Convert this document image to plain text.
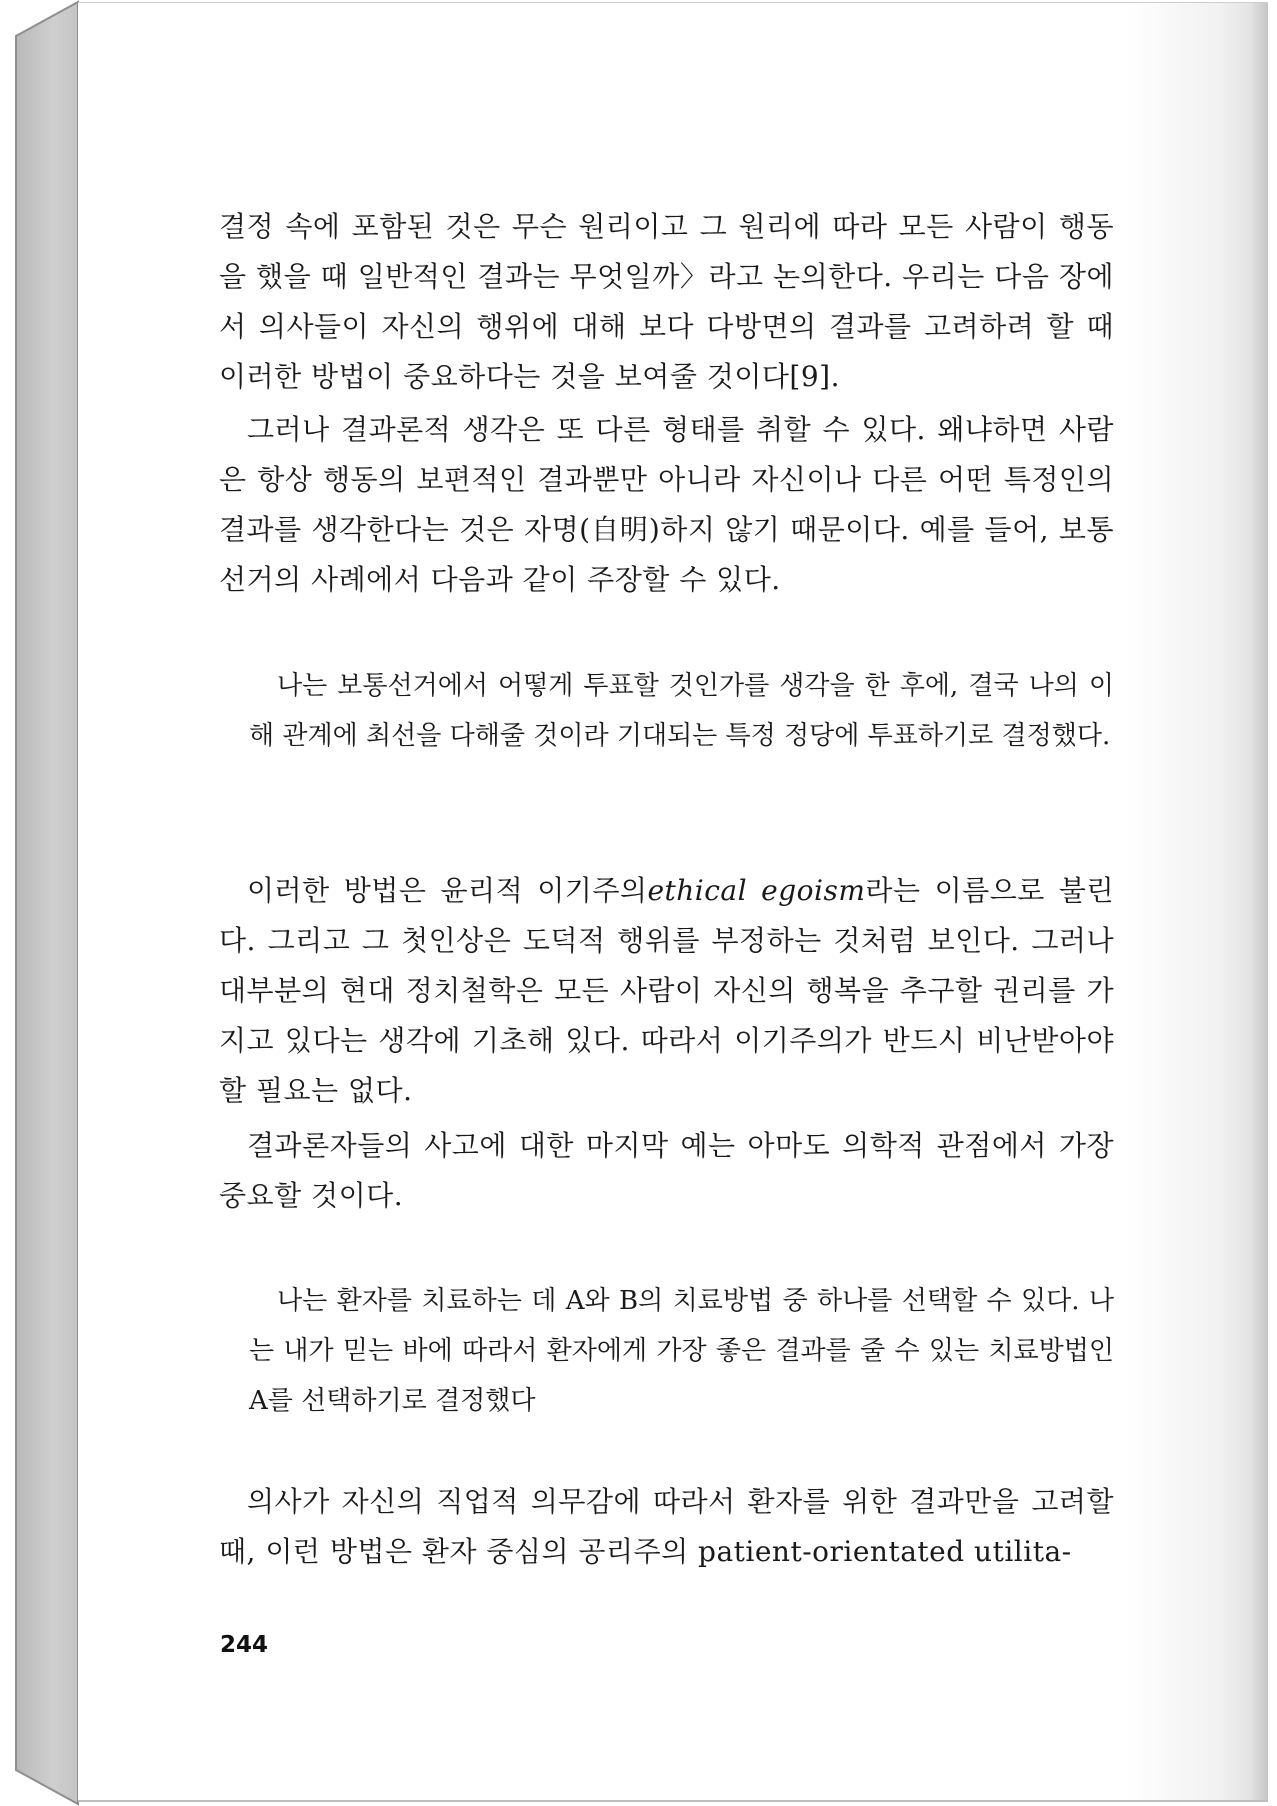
결정 속에 포함된 것은 무슨 원리이고 그 원리에 따라 모든 사람이 행동을 했을 때 일반적인 결과는 무엇일까〉라고 논의한다. 우리는 다음 장에서 의사들이 자신의 행위에 대해 보다 다방면의 결과를 고려하려 할 때 이러한 방법이 중요하다는 것을 보여줄 것이다[9].

그러나 결과론적 생각은 또 다른 형태를 취할 수 있다. 왜냐하면 사람은 항상 행동의 보편적인 결과뿐만 아니라 자신이나 다른 어떤 특정인의 결과를 생각한다는 것은 자명(自明)하지 않기 때문이다. 예를 들어, 보통선거의 사례에서 다음과 같이 주장할 수 있다.

나는 보통선거에서 어떻게 투표할 것인가를 생각을 한 후에, 결국 나의 이해 관계에 최선을 다해줄 것이라 기대되는 특정 정당에 투표하기로 결정했다.

이러한 방법은 윤리적 이기주의ethical egoism라는 이름으로 불린다. 그리고 그 첫인상은 도덕적 행위를 부정하는 것처럼 보인다. 그러나 대부분의 현대 정치철학은 모든 사람이 자신의 행복을 추구할 권리를 가지고 있다는 생각에 기초해 있다. 따라서 이기주의가 반드시 비난받아야 할 필요는 없다.

결과론자들의 사고에 대한 마지막 예는 아마도 의학적 관점에서 가장 중요할 것이다.

나는 환자를 치료하는 데 A와 B의 치료방법 중 하나를 선택할 수 있다. 나는 내가 믿는 바에 따라서 환자에게 가장 좋은 결과를 줄 수 있는 치료방법인 A를 선택하기로 결정했다

의사가 자신의 직업적 의무감에 따라서 환자를 위한 결과만을 고려할 때, 이런 방법은 환자 중심의 공리주의 patient-orientated utilita-

244
